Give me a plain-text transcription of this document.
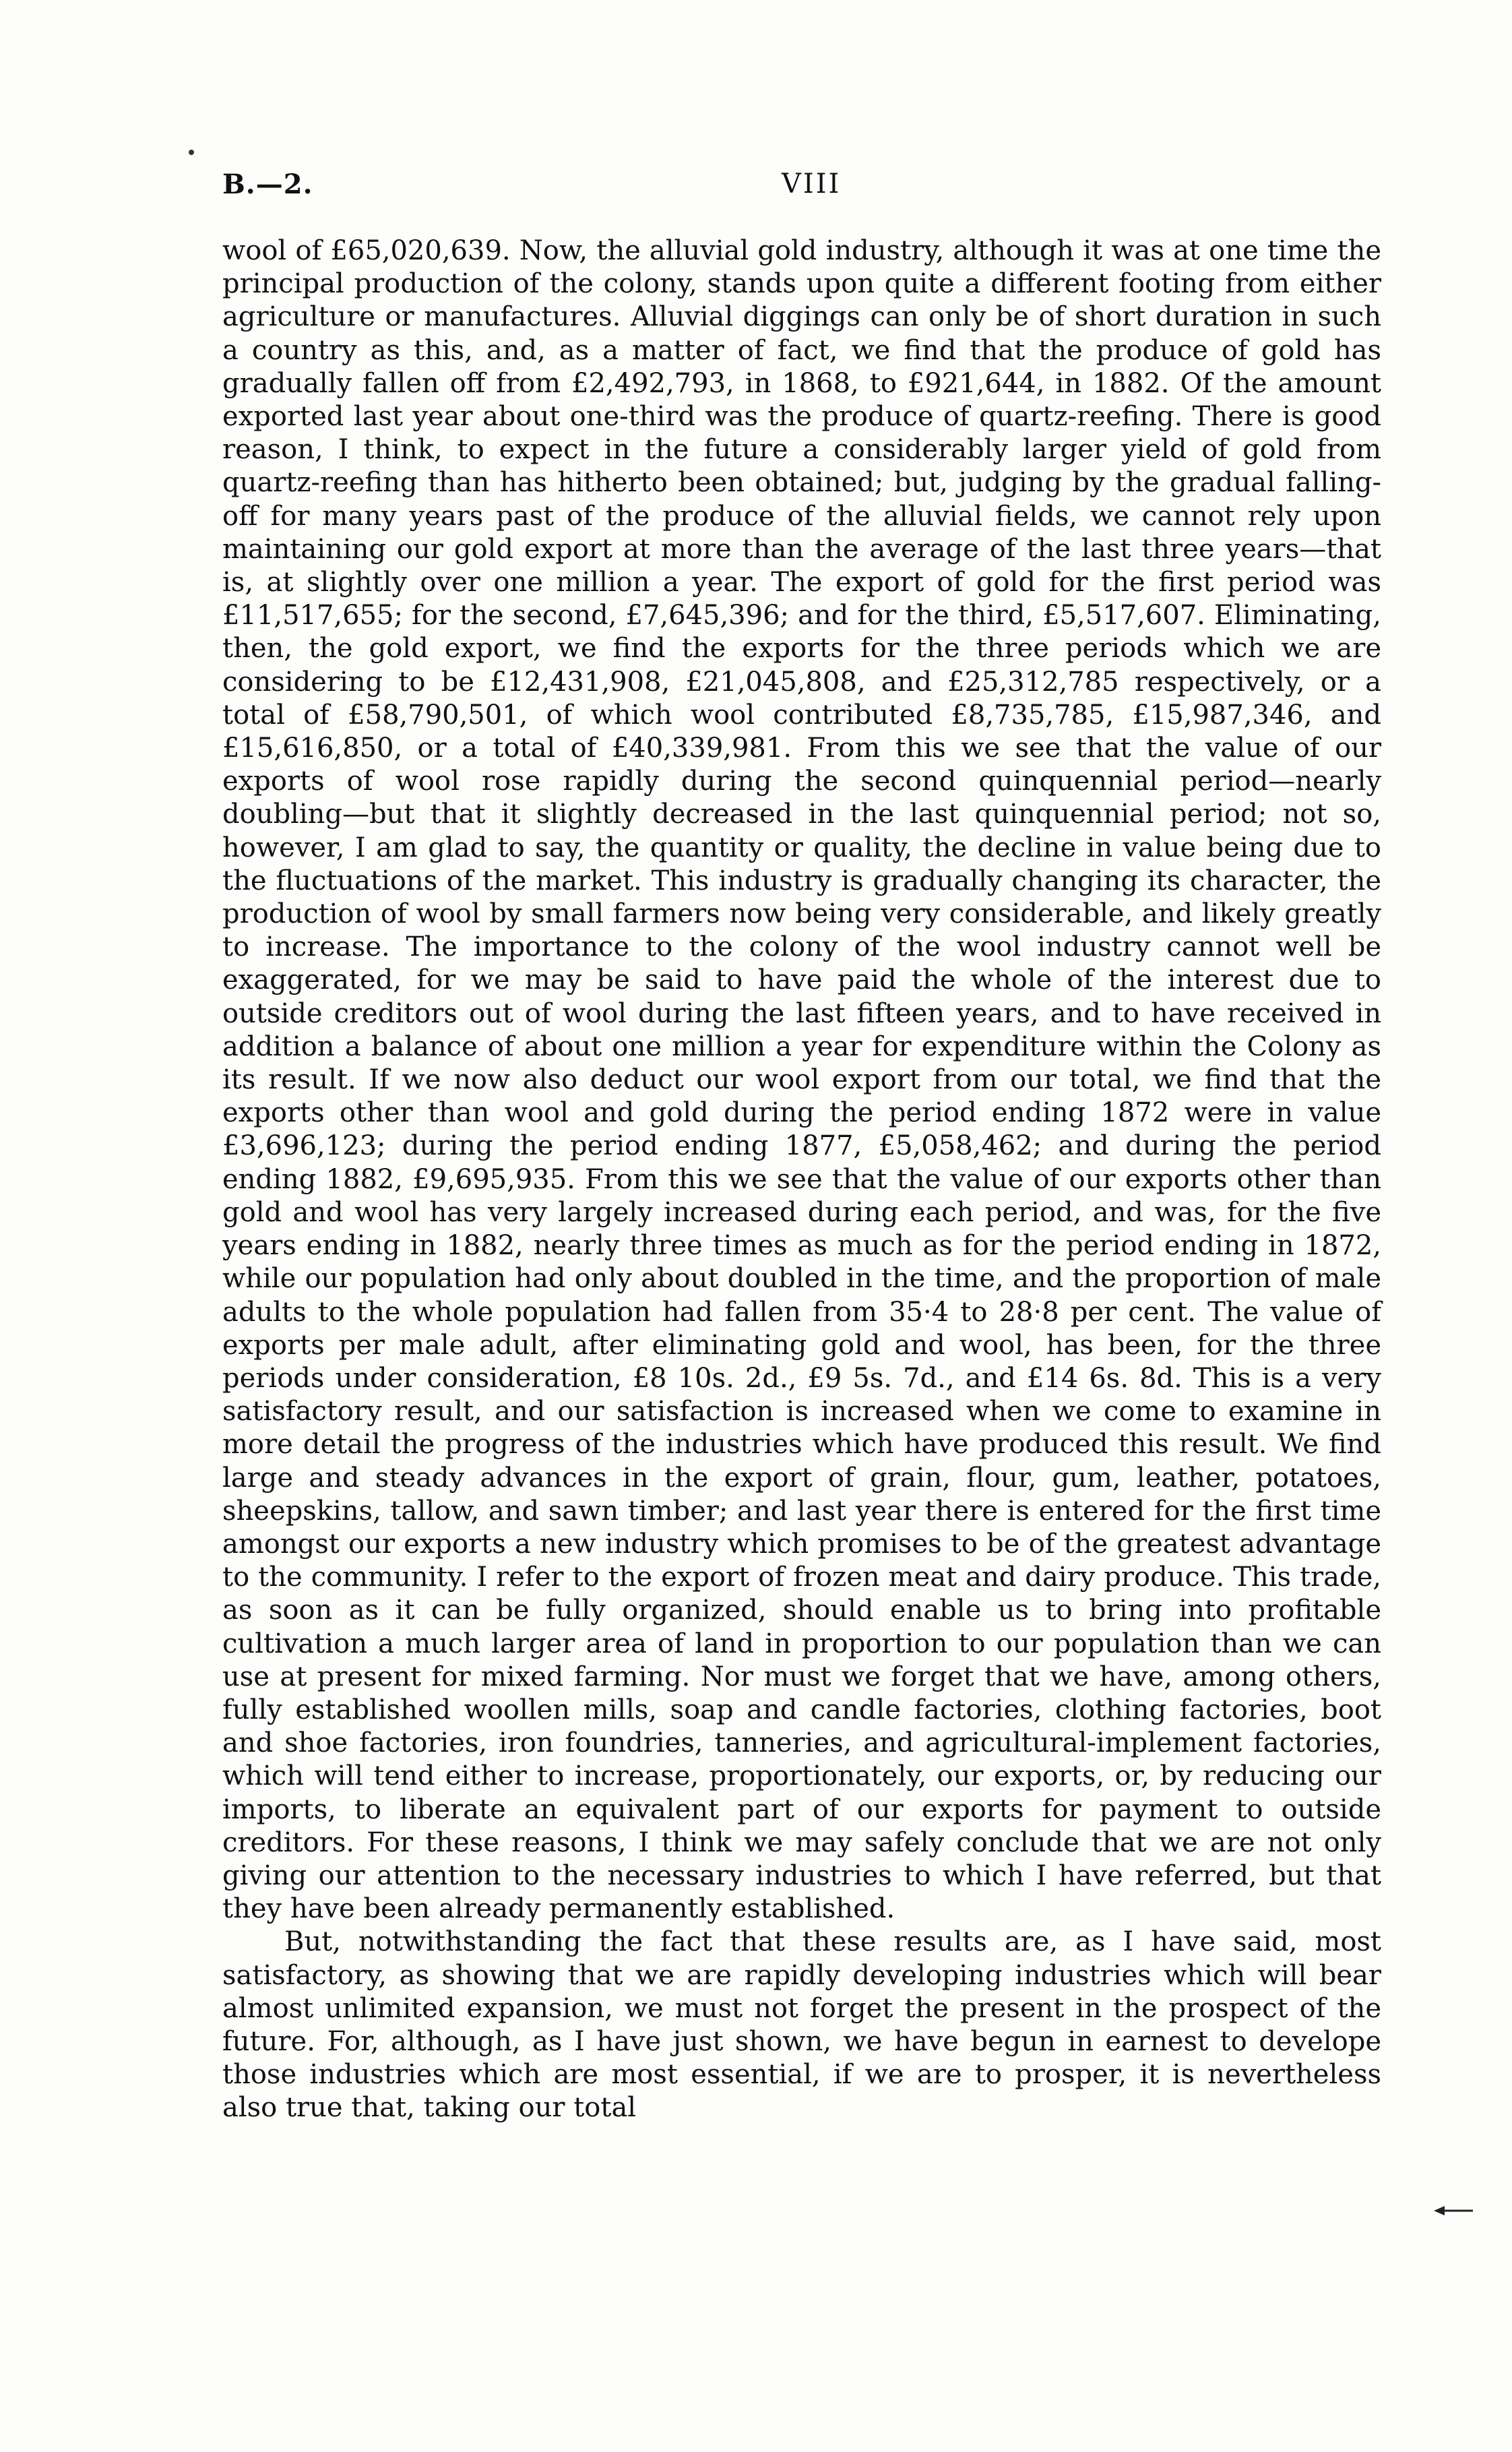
B.—2.	VIII

wool of £65,020,639. Now, the alluvial gold industry, although it was at one time the principal production of the colony, stands upon quite a different footing from either agriculture or manufactures. Alluvial diggings can only be of short duration in such a country as this, and, as a matter of fact, we find that the produce of gold has gradually fallen off from £2,492,793, in 1868, to £921,644, in 1882. Of the amount exported last year about one-third was the produce of quartz-reefing. There is good reason, I think, to expect in the future a considerably larger yield of gold from quartz-reefing than has hitherto been obtained; but, judging by the gradual falling-off for many years past of the produce of the alluvial fields, we cannot rely upon maintaining our gold export at more than the average of the last three years—that is, at slightly over one million a year. The export of gold for the first period was £11,517,655; for the second, £7,645,396; and for the third, £5,517,607. Eliminating, then, the gold export, we find the exports for the three periods which we are considering to be £12,431,908, £21,045,808, and £25,312,785 respectively, or a total of £58,790,501, of which wool contributed £8,735,785, £15,987,346, and £15,616,850, or a total of £40,339,981. From this we see that the value of our exports of wool rose rapidly during the second quinquennial period—nearly doubling—but that it slightly decreased in the last quinquennial period; not so, however, I am glad to say, the quantity or quality, the decline in value being due to the fluctuations of the market. This industry is gradually changing its character, the production of wool by small farmers now being very considerable, and likely greatly to increase. The importance to the colony of the wool industry cannot well be exaggerated, for we may be said to have paid the whole of the interest due to outside creditors out of wool during the last fifteen years, and to have received in addition a balance of about one million a year for expenditure within the Colony as its result. If we now also deduct our wool export from our total, we find that the exports other than wool and gold during the period ending 1872 were in value £3,696,123; during the period ending 1877, £5,058,462; and during the period ending 1882, £9,695,935. From this we see that the value of our exports other than gold and wool has very largely increased during each period, and was, for the five years ending in 1882, nearly three times as much as for the period ending in 1872, while our population had only about doubled in the time, and the proportion of male adults to the whole population had fallen from 35·4 to 28·8 per cent. The value of exports per male adult, after eliminating gold and wool, has been, for the three periods under consideration, £8 10s. 2d., £9 5s. 7d., and £14 6s. 8d. This is a very satisfactory result, and our satisfaction is increased when we come to examine in more detail the progress of the industries which have produced this result. We find large and steady advances in the export of grain, flour, gum, leather, potatoes, sheepskins, tallow, and sawn timber; and last year there is entered for the first time amongst our exports a new industry which promises to be of the greatest advantage to the community. I refer to the export of frozen meat and dairy produce. This trade, as soon as it can be fully organized, should enable us to bring into profitable cultivation a much larger area of land in proportion to our population than we can use at present for mixed farming. Nor must we forget that we have, among others, fully established woollen mills, soap and candle factories, clothing factories, boot and shoe factories, iron foundries, tanneries, and agricultural-implement factories, which will tend either to increase, proportionately, our exports, or, by reducing our imports, to liberate an equivalent part of our exports for payment to outside creditors. For these reasons, I think we may safely conclude that we are not only giving our attention to the necessary industries to which I have referred, but that they have been already permanently established.

But, notwithstanding the fact that these results are, as I have said, most satisfactory, as showing that we are rapidly developing industries which will bear almost unlimited expansion, we must not forget the present in the prospect of the future. For, although, as I have just shown, we have begun in earnest to develope those industries which are most essential, if we are to prosper, it is nevertheless also true that, taking our total
